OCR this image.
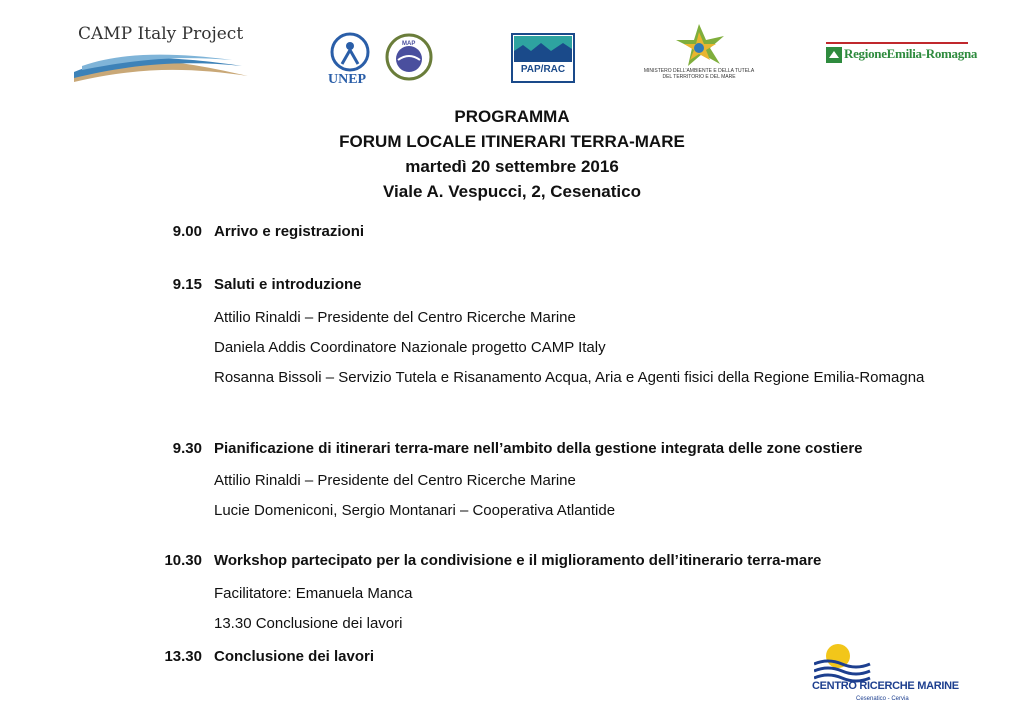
CAMP Italy Project
UNEP
MAP
PAP/RAC	MINISTERO DELL'AMBIENTE E DELLA TUTELA DEL TERRITORIO E DEL MARE
RegioneEmilia-Romagna
PROGRAMMA
FORUM LOCALE ITINERARI TERRA-MARE
martedì 20 settembre 2016
Viale A. Vespucci, 2, Cesenatico
9.00 Arrivo e registrazioni
9.15 Saluti e introduzione
Attilio Rinaldi – Presidente del Centro Ricerche Marine
Daniela Addis Coordinatore Nazionale progetto CAMP Italy
Rosanna Bissoli – Servizio Tutela e Risanamento Acqua, Aria e Agenti fisici della Regione Emilia-Romagna
9.30 Pianificazione di itinerari terra-mare nell’ambito della gestione integrata delle zone costiere
Attilio Rinaldi – Presidente del Centro Ricerche Marine
Lucie Domeniconi, Sergio Montanari – Cooperativa Atlantide
10.30 Workshop partecipato per la condivisione e il miglioramento dell’itinerario terra-mare
Facilitatore: Emanuela Manca
13.30 Conclusione dei lavori
13.30 Conclusione dei lavori
CENTRO RICERCHE MARINE
Cesenatico - Cervia
